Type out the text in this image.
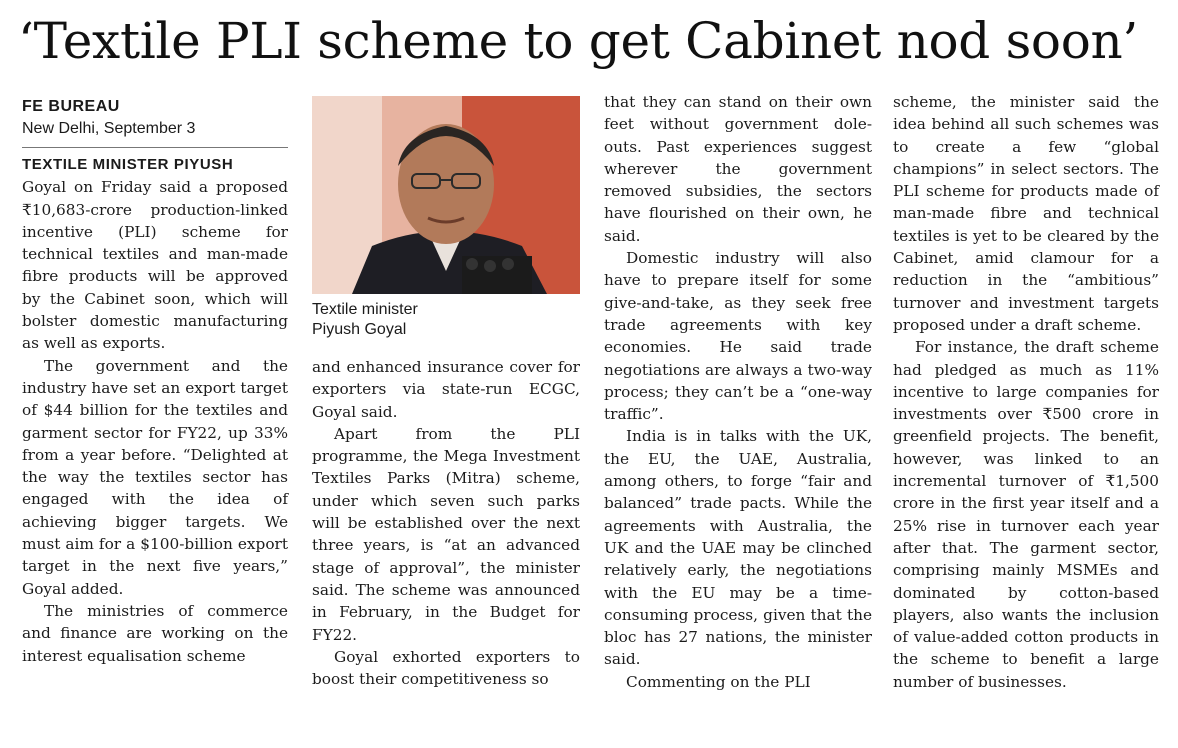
‘Textile PLI scheme to get Cabinet nod soon’
FE BUREAU
New Delhi, September 3

TEXTILE MINISTER PIYUSH
Goyal on Friday said a proposed ₹10,683-crore production-linked incentive (PLI) scheme for technical textiles and man-made fibre products will be approved by the Cabinet soon, which will bolster domestic manufacturing as well as exports.

The government and the industry have set an export target of $44 billion for the textiles and garment sector for FY22, up 33% from a year before. “Delighted at the way the textiles sector has engaged with the idea of achieving bigger targets. We must aim for a $100-billion export target in the next five years,” Goyal added.

The ministries of commerce and finance are working on the interest equalisation scheme

Textile minister
Piyush Goyal

and enhanced insurance cover for exporters via state-run ECGC, Goyal said.

Apart from the PLI programme, the Mega Investment Textiles Parks (Mitra) scheme, under which seven such parks will be established over the next three years, is “at an advanced stage of approval”, the minister said. The scheme was announced in February, in the Budget for FY22.

Goyal exhorted exporters to boost their competitiveness so

that they can stand on their own feet without government dole-outs. Past experiences suggest wherever the government removed subsidies, the sectors have flourished on their own, he said.

Domestic industry will also have to prepare itself for some give-and-take, as they seek free trade agreements with key economies. He said trade negotiations are always a two-way process; they can’t be a “one-way traffic”.

India is in talks with the UK, the EU, the UAE, Australia, among others, to forge “fair and balanced” trade pacts. While the agreements with Australia, the UK and the UAE may be clinched relatively early, the negotiations with the EU may be a time-consuming process, given that the bloc has 27 nations, the minister said.

Commenting on the PLI

scheme, the minister said the idea behind all such schemes was to create a few “global champions” in select sectors. The PLI scheme for products made of man-made fibre and technical textiles is yet to be cleared by the Cabinet, amid clamour for a reduction in the “ambitious” turnover and investment targets proposed under a draft scheme.

For instance, the draft scheme had pledged as much as 11% incentive to large companies for investments over ₹500 crore in greenfield projects. The benefit, however, was linked to an incremental turnover of ₹1,500 crore in the first year itself and a 25% rise in turnover each year after that. The garment sector, comprising mainly MSMEs and dominated by cotton-based players, also wants the inclusion of value-added cotton products in the scheme to benefit a large number of businesses.
